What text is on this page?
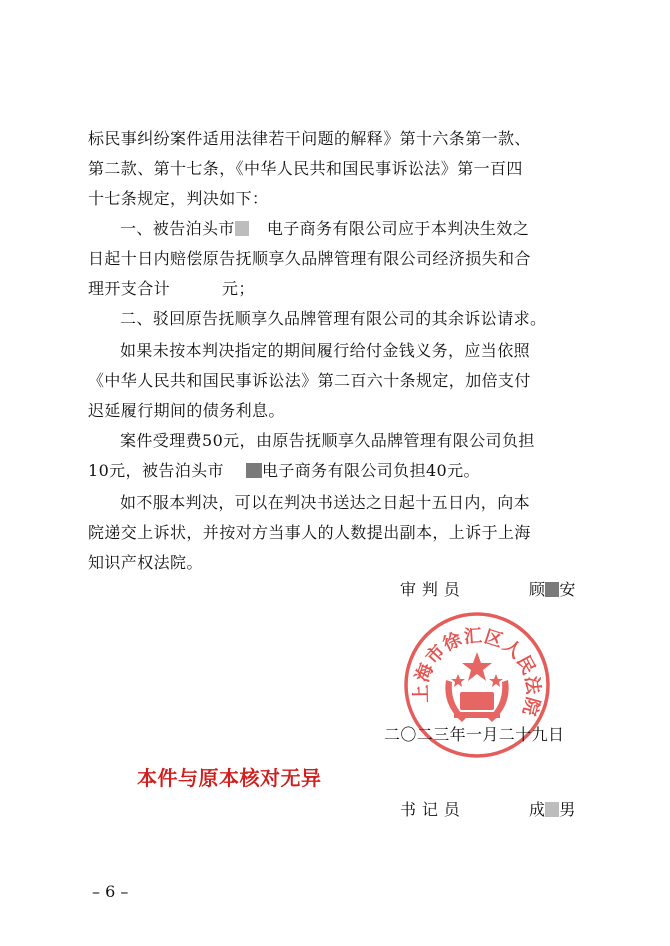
标民事纠纷案件适用法律若干问题的解释》第十六条第一款、
第二款、第十七条，《中华人民共和国民事诉讼法》第一百四
十七条规定，判决如下：
一、被告泊头市 电子商务有限公司应于本判决生效之
日起十日内赔偿原告抚顺享久品牌管理有限公司经济损失和合
理开支合计	元；
二、驳回原告抚顺享久品牌管理有限公司的其余诉讼请求。
如果未按本判决指定的期间履行给付金钱义务，应当依照
《中华人民共和国民事诉讼法》第二百六十条规定，加倍支付
迟延履行期间的债务利息。
案件受理费50元，由原告抚顺享久品牌管理有限公司负担
10元，被告泊头市 电子商务有限公司负担40元。
如不服本判决，可以在判决书送达之日起十五日内，向本
院递交上诉状，并按对方当事人的人数提出副本，上诉于上海
知识产权法院。
审 判 员	顾 安
上海市徐汇区人民法院
二〇二三年一月二十九日
本件与原本核对无异
书 记 员	成 男
– 6 –
